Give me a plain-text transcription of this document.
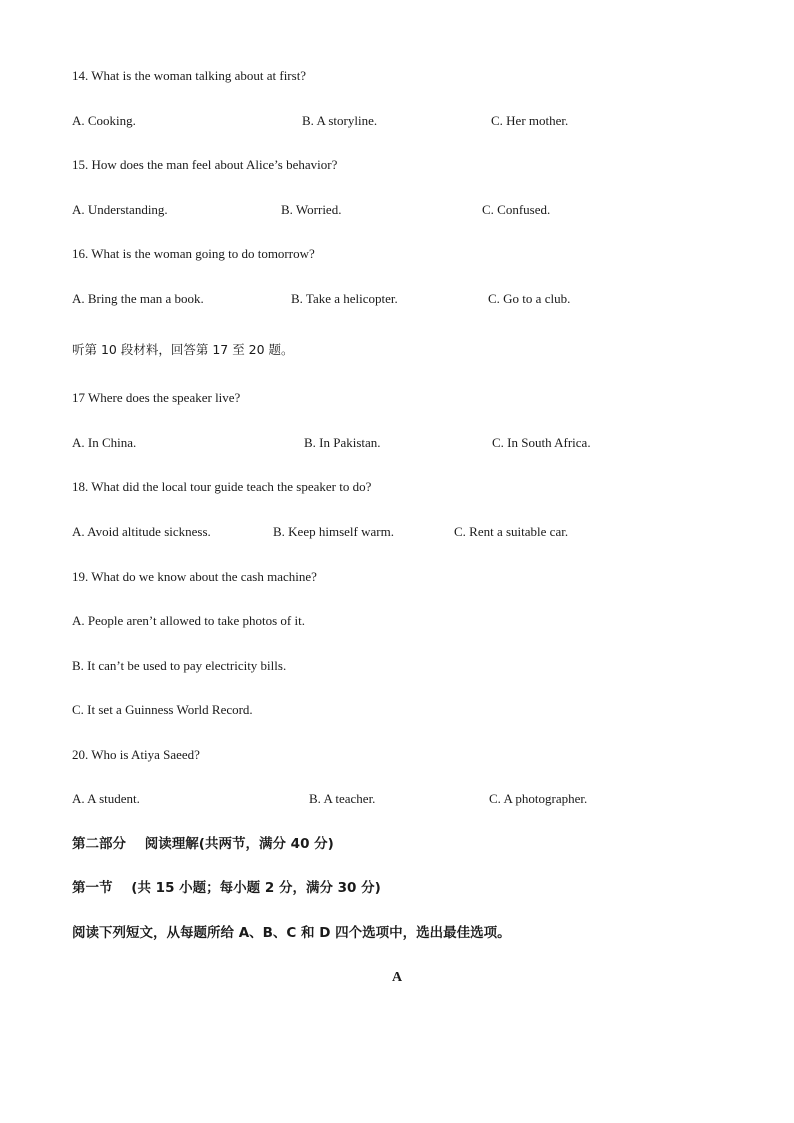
14. What is the woman talking about at first?
A. Cooking.	B. A storyline.	C. Her mother.
15. How does the man feel about Alice’s behavior?
A. Understanding.	B. Worried.	C. Confused.
16. What is the woman going to do tomorrow?
A. Bring the man a book.	B. Take a helicopter.	C. Go to a club.
听第 10 段材料，回答第 17 至 20 题。
17 Where does the speaker live?
A. In China.	B. In Pakistan.	C. In South Africa.
18. What did the local tour guide teach the speaker to do?
A. Avoid altitude sickness.	B. Keep himself warm.	C. Rent a suitable car.
19. What do we know about the cash machine?
A. People aren’t allowed to take photos of it.
B. It can’t be used to pay electricity bills.
C. It set a Guinness World Record.
20. Who is Atiya Saeed?
A. A student.	B. A teacher.	C. A photographer.
第二部分    阅读理解(共两节，满分 40 分)
第一节    (共 15 小题；每小题 2 分，满分 30 分)
阅读下列短文，从每题所给 A、B、C 和 D 四个选项中，选出最佳选项。
A
